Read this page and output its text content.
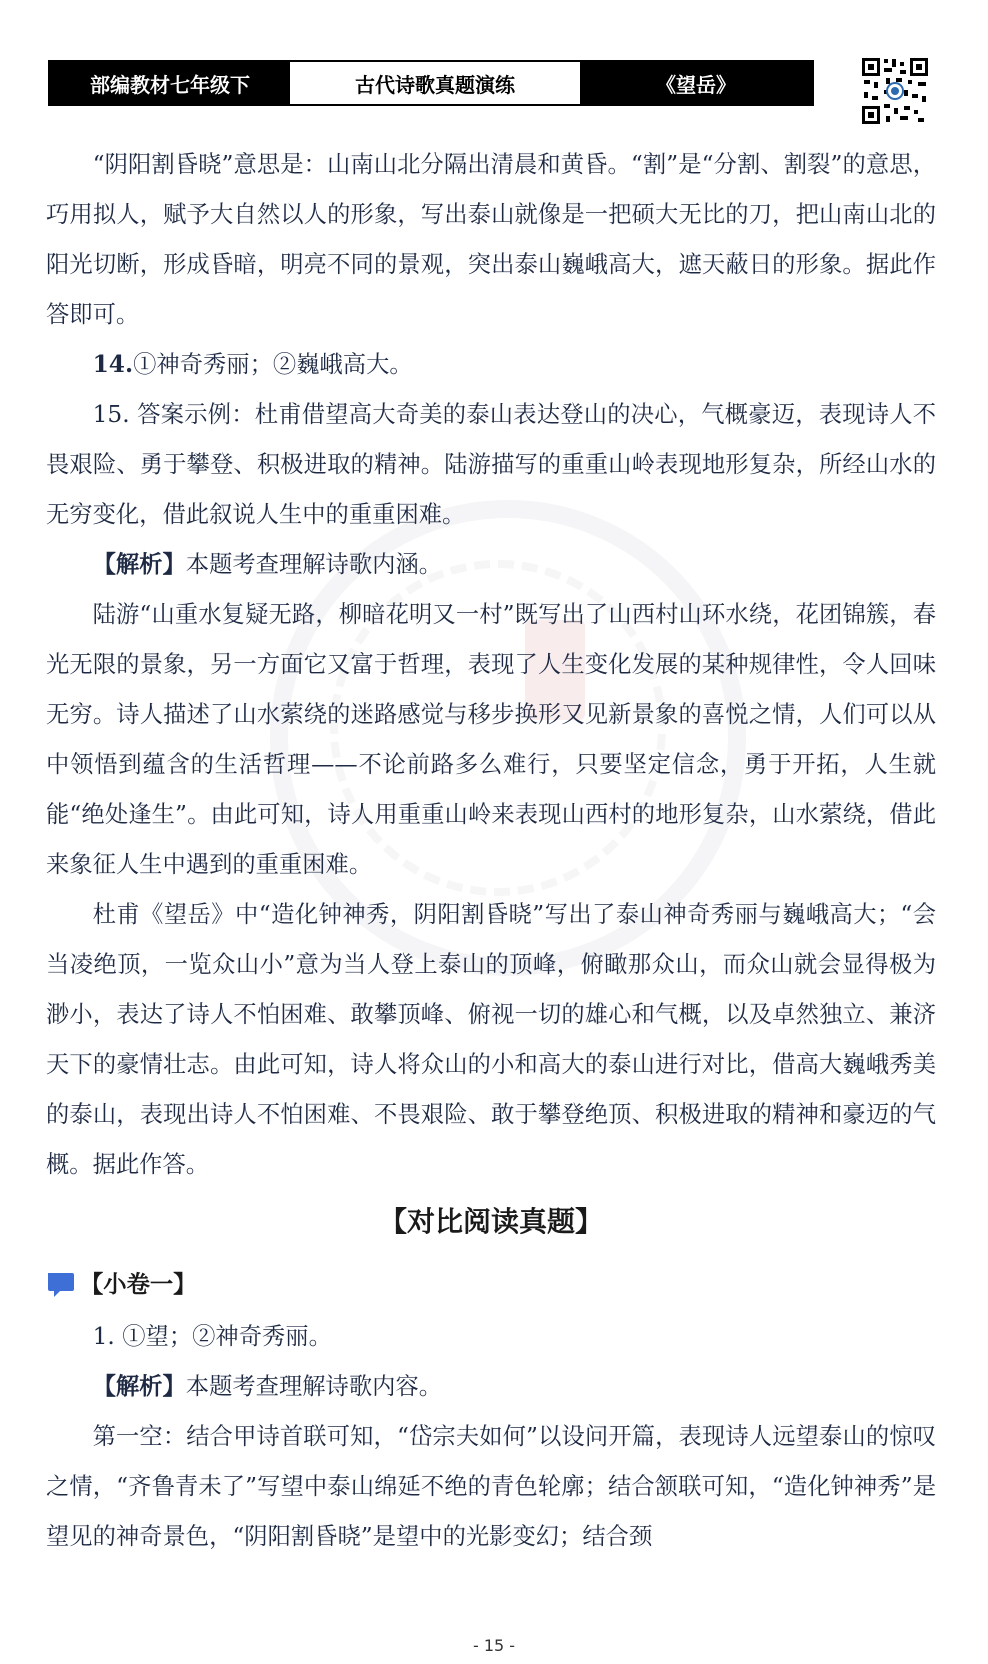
部编教材七年级下	古代诗歌真题演练	《望岳》

“阴阳割昏晓”意思是：山南山北分隔出清晨和黄昏。“割”是“分割、割裂”的意思，巧用拟人，赋予大自然以人的形象，写出泰山就像是一把硕大无比的刀，把山南山北的阳光切断，形成昏暗，明亮不同的景观，突出泰山巍峨高大，遮天蔽日的形象。据此作答即可。

14.①神奇秀丽；②巍峨高大。

15. 答案示例：杜甫借望高大奇美的泰山表达登山的决心，气概豪迈，表现诗人不畏艰险、勇于攀登、积极进取的精神。陆游描写的重重山岭表现地形复杂，所经山水的无穷变化，借此叙说人生中的重重困难。

【解析】本题考查理解诗歌内涵。

陆游“山重水复疑无路，柳暗花明又一村”既写出了山西村山环水绕，花团锦簇，春光无限的景象，另一方面它又富于哲理，表现了人生变化发展的某种规律性，令人回味无穷。诗人描述了山水萦绕的迷路感觉与移步换形又见新景象的喜悦之情，人们可以从中领悟到蕴含的生活哲理——不论前路多么难行，只要坚定信念，勇于开拓，人生就能“绝处逢生”。由此可知，诗人用重重山岭来表现山西村的地形复杂，山水萦绕，借此来象征人生中遇到的重重困难。

杜甫《望岳》中“造化钟神秀，阴阳割昏晓”写出了泰山神奇秀丽与巍峨高大；“会当凌绝顶，一览众山小”意为当人登上泰山的顶峰，俯瞰那众山，而众山就会显得极为渺小，表达了诗人不怕困难、敢攀顶峰、俯视一切的雄心和气概，以及卓然独立、兼济天下的豪情壮志。由此可知，诗人将众山的小和高大的泰山进行对比，借高大巍峨秀美的泰山，表现出诗人不怕困难、不畏艰险、敢于攀登绝顶、积极进取的精神和豪迈的气概。据此作答。

【对比阅读真题】
【小卷一】

1. ①望；②神奇秀丽。

【解析】本题考查理解诗歌内容。

第一空：结合甲诗首联可知，“岱宗夫如何”以设问开篇，表现诗人远望泰山的惊叹之情，“齐鲁青未了”写望中泰山绵延不绝的青色轮廓；结合颔联可知，“造化钟神秀”是望见的神奇景色，“阴阳割昏晓”是望中的光影变幻；结合颈

- 15 -
